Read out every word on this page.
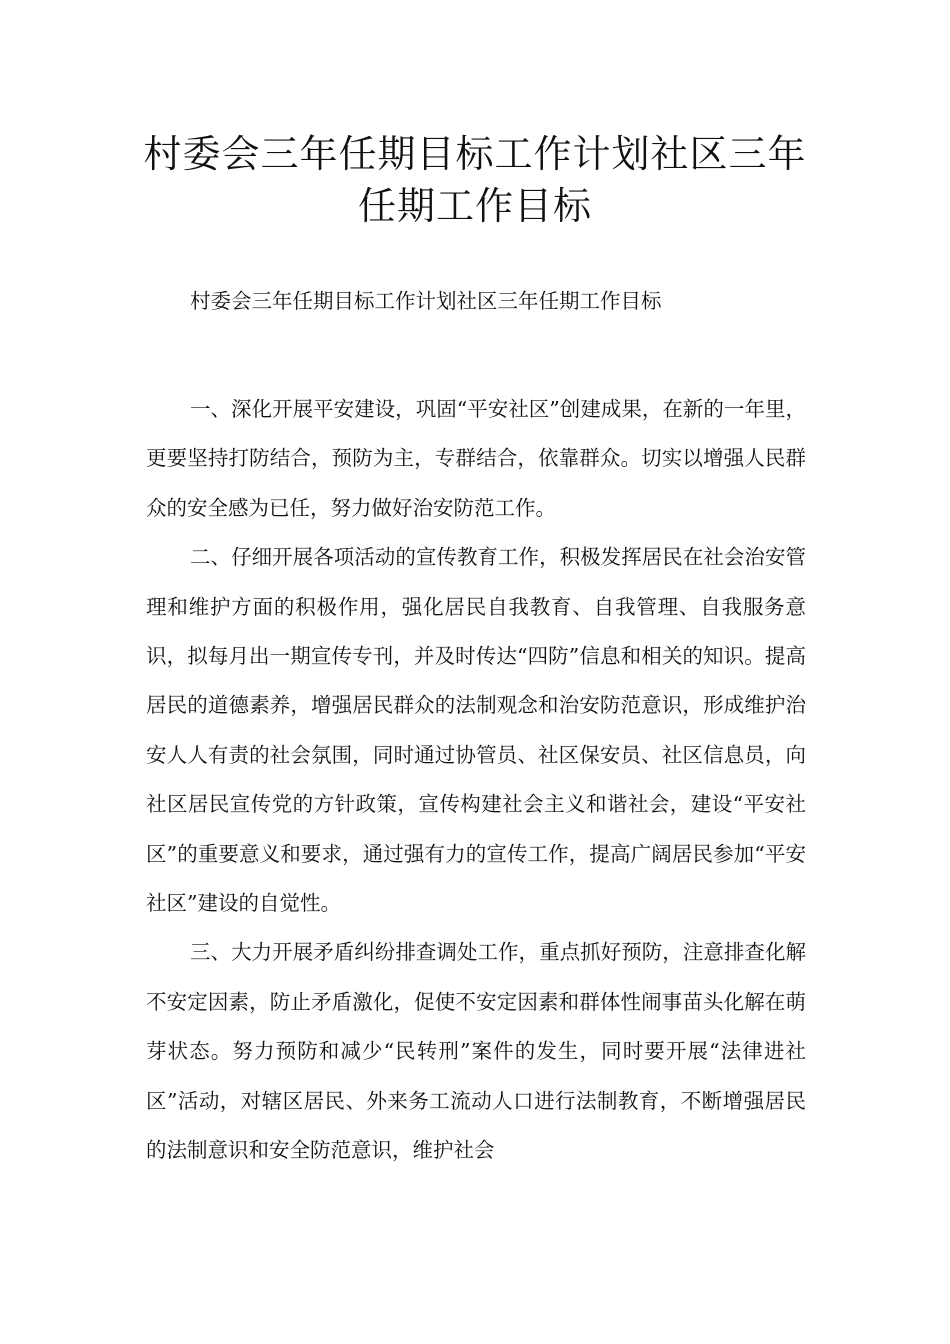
村委会三年任期目标工作计划社区三年任期工作目标

村委会三年任期目标工作计划社区三年任期工作目标

一、深化开展平安建设，巩固“平安社区”创建成果，在新的一年里，更要坚持打防结合，预防为主，专群结合，依靠群众。切实以增强人民群众的安全感为已任，努力做好治安防范工作。

二、仔细开展各项活动的宣传教育工作，积极发挥居民在社会治安管理和维护方面的积极作用，强化居民自我教育、自我管理、自我服务意识，拟每月出一期宣传专刊，并及时传达“四防”信息和相关的知识。提高居民的道德素养，增强居民群众的法制观念和治安防范意识，形成维护治安人人有责的社会氛围，同时通过协管员、社区保安员、社区信息员，向社区居民宣传党的方针政策，宣传构建社会主义和谐社会，建设“平安社区”的重要意义和要求，通过强有力的宣传工作，提高广阔居民参加“平安社区”建设的自觉性。

三、大力开展矛盾纠纷排查调处工作，重点抓好预防，注意排查化解不安定因素，防止矛盾激化，促使不安定因素和群体性闹事苗头化解在萌芽状态。努力预防和减少“民转刑”案件的发生，同时要开展“法律进社区”活动，对辖区居民、外来务工流动人口进行法制教育，不断增强居民的法制意识和安全防范意识，维护社会
